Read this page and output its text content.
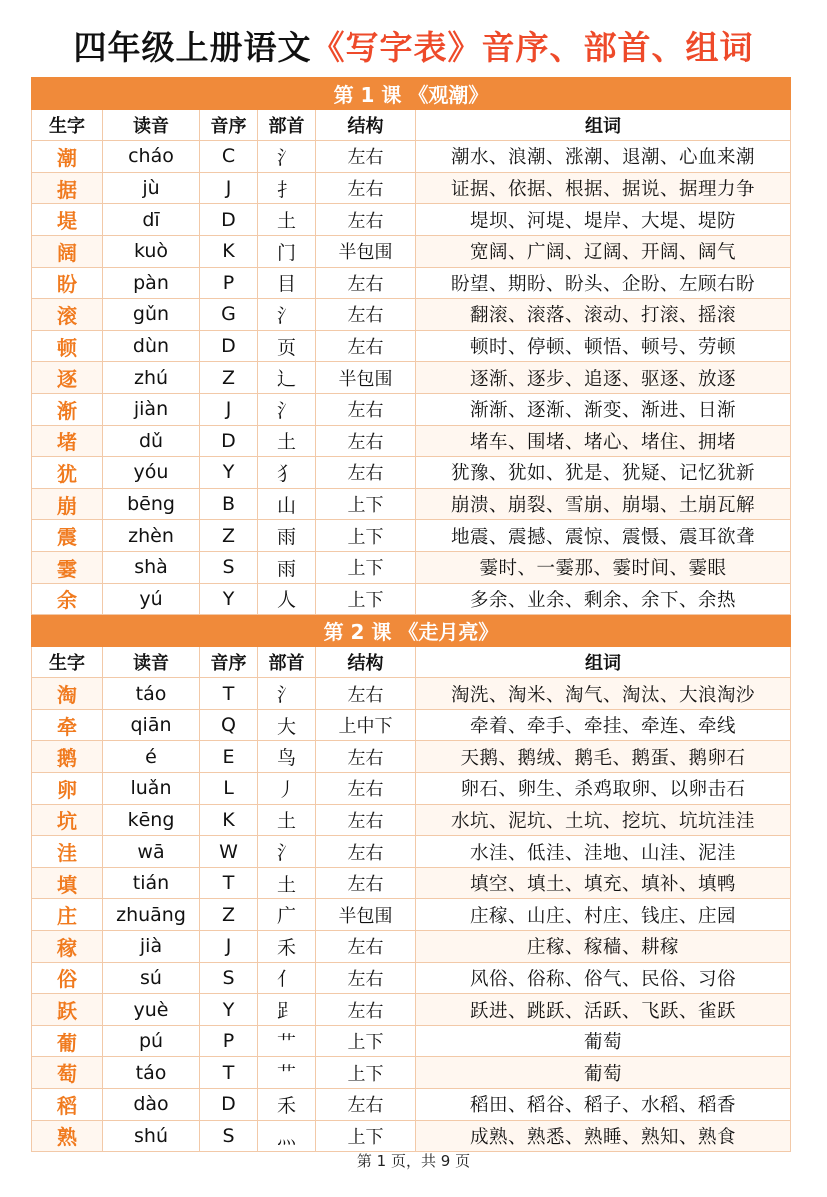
四年级上册语文《写字表》音序、部首、组词
第 1 课 《观潮》					
生字	读音	音序	部首	结构	组词
潮	cháo	C	氵	左右	潮水、浪潮、涨潮、退潮、心血来潮
据	jù	J	扌	左右	证据、依据、根据、据说、据理力争
堤	dī	D	土	左右	堤坝、河堤、堤岸、大堤、堤防
阔	kuò	K	门	半包围	宽阔、广阔、辽阔、开阔、阔气
盼	pàn	P	目	左右	盼望、期盼、盼头、企盼、左顾右盼
滚	gǔn	G	氵	左右	翻滚、滚落、滚动、打滚、摇滚
顿	dùn	D	页	左右	顿时、停顿、顿悟、顿号、劳顿
逐	zhú	Z	辶	半包围	逐渐、逐步、追逐、驱逐、放逐
渐	jiàn	J	氵	左右	渐渐、逐渐、渐变、渐进、日渐
堵	dǔ	D	土	左右	堵车、围堵、堵心、堵住、拥堵
犹	yóu	Y	犭	左右	犹豫、犹如、犹是、犹疑、记忆犹新
崩	bēng	B	山	上下	崩溃、崩裂、雪崩、崩塌、土崩瓦解
震	zhèn	Z	雨	上下	地震、震撼、震惊、震慑、震耳欲聋
霎	shà	S	雨	上下	霎时、一霎那、霎时间、霎眼
余	yú	Y	人	上下	多余、业余、剩余、余下、余热
第 2 课 《走月亮》					
生字	读音	音序	部首	结构	组词
淘	táo	T	氵	左右	淘洗、淘米、淘气、淘汰、大浪淘沙
牵	qiān	Q	大	上中下	牵着、牵手、牵挂、牵连、牵线
鹅	é	E	鸟	左右	天鹅、鹅绒、鹅毛、鹅蛋、鹅卵石
卵	luǎn	L	丿	左右	卵石、卵生、杀鸡取卵、以卵击石
坑	kēng	K	土	左右	水坑、泥坑、土坑、挖坑、坑坑洼洼
洼	wā	W	氵	左右	水洼、低洼、洼地、山洼、泥洼
填	tián	T	土	左右	填空、填土、填充、填补、填鸭
庄	zhuāng	Z	广	半包围	庄稼、山庄、村庄、钱庄、庄园
稼	jià	J	禾	左右	庄稼、稼穑、耕稼
俗	sú	S	亻	左右	风俗、俗称、俗气、民俗、习俗
跃	yuè	Y	𧾷	左右	跃进、跳跃、活跃、飞跃、雀跃
葡	pú	P	艹	上下	葡萄
萄	táo	T	艹	上下	葡萄
稻	dào	D	禾	左右	稻田、稻谷、稻子、水稻、稻香
熟	shú	S	灬	上下	成熟、熟悉、熟睡、熟知、熟食
第 1 页，共 9 页
